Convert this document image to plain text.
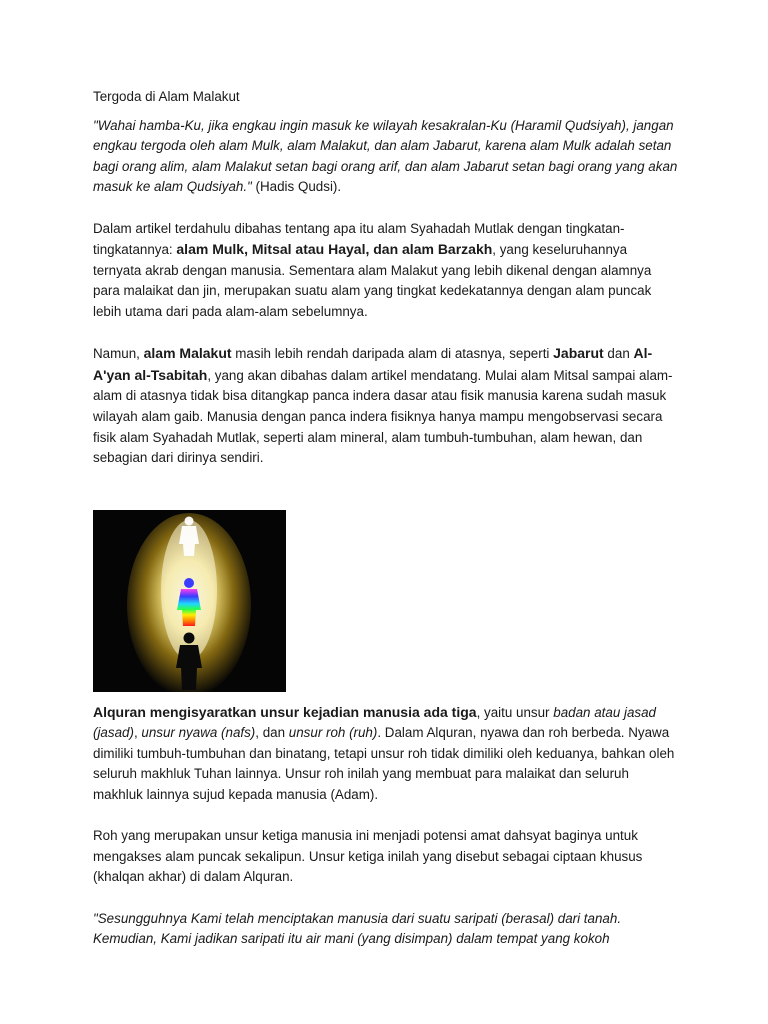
Tergoda di Alam Malakut

"Wahai hamba-Ku, jika engkau ingin masuk ke wilayah kesakralan-Ku (Haramil Qudsiyah), jangan engkau tergoda oleh alam Mulk, alam Malakut, dan alam Jabarut, karena alam Mulk adalah setan bagi orang alim, alam Malakut setan bagi orang arif, dan alam Jabarut setan bagi orang yang akan masuk ke alam Qudsiyah." (Hadis Qudsi).

Dalam artikel terdahulu dibahas tentang apa itu alam Syahadah Mutlak dengan tingkatan-tingkatannya: alam Mulk, Mitsal atau Hayal, dan alam Barzakh, yang keseluruhannya ternyata akrab dengan manusia. Sementara alam Malakut yang lebih dikenal dengan alamnya para malaikat dan jin, merupakan suatu alam yang tingkat kedekatannya dengan alam puncak lebih utama dari pada alam-alam sebelumnya.

Namun, alam Malakut masih lebih rendah daripada alam di atasnya, seperti Jabarut dan Al-A'yan al-Tsabitah, yang akan dibahas dalam artikel mendatang. Mulai alam Mitsal sampai alam-alam di atasnya tidak bisa ditangkap panca indera dasar atau fisik manusia karena sudah masuk wilayah alam gaib. Manusia dengan panca indera fisiknya hanya mampu mengobservasi secara fisik alam Syahadah Mutlak, seperti alam mineral, alam tumbuh-tumbuhan, alam hewan, dan sebagian dari dirinya sendiri.

Alquran mengisyaratkan unsur kejadian manusia ada tiga, yaitu unsur badan atau jasad (jasad), unsur nyawa (nafs), dan unsur roh (ruh). Dalam Alquran, nyawa dan roh berbeda. Nyawa dimiliki tumbuh-tumbuhan dan binatang, tetapi unsur roh tidak dimiliki oleh keduanya, bahkan oleh seluruh makhluk Tuhan lainnya. Unsur roh inilah yang membuat para malaikat dan seluruh makhluk lainnya sujud kepada manusia (Adam).

Roh yang merupakan unsur ketiga manusia ini menjadi potensi amat dahsyat baginya untuk mengakses alam puncak sekalipun. Unsur ketiga inilah yang disebut sebagai ciptaan khusus (khalqan akhar) di dalam Alquran.

"Sesungguhnya Kami telah menciptakan manusia dari suatu saripati (berasal) dari tanah. Kemudian, Kami jadikan saripati itu air mani (yang disimpan) dalam tempat yang kokoh
